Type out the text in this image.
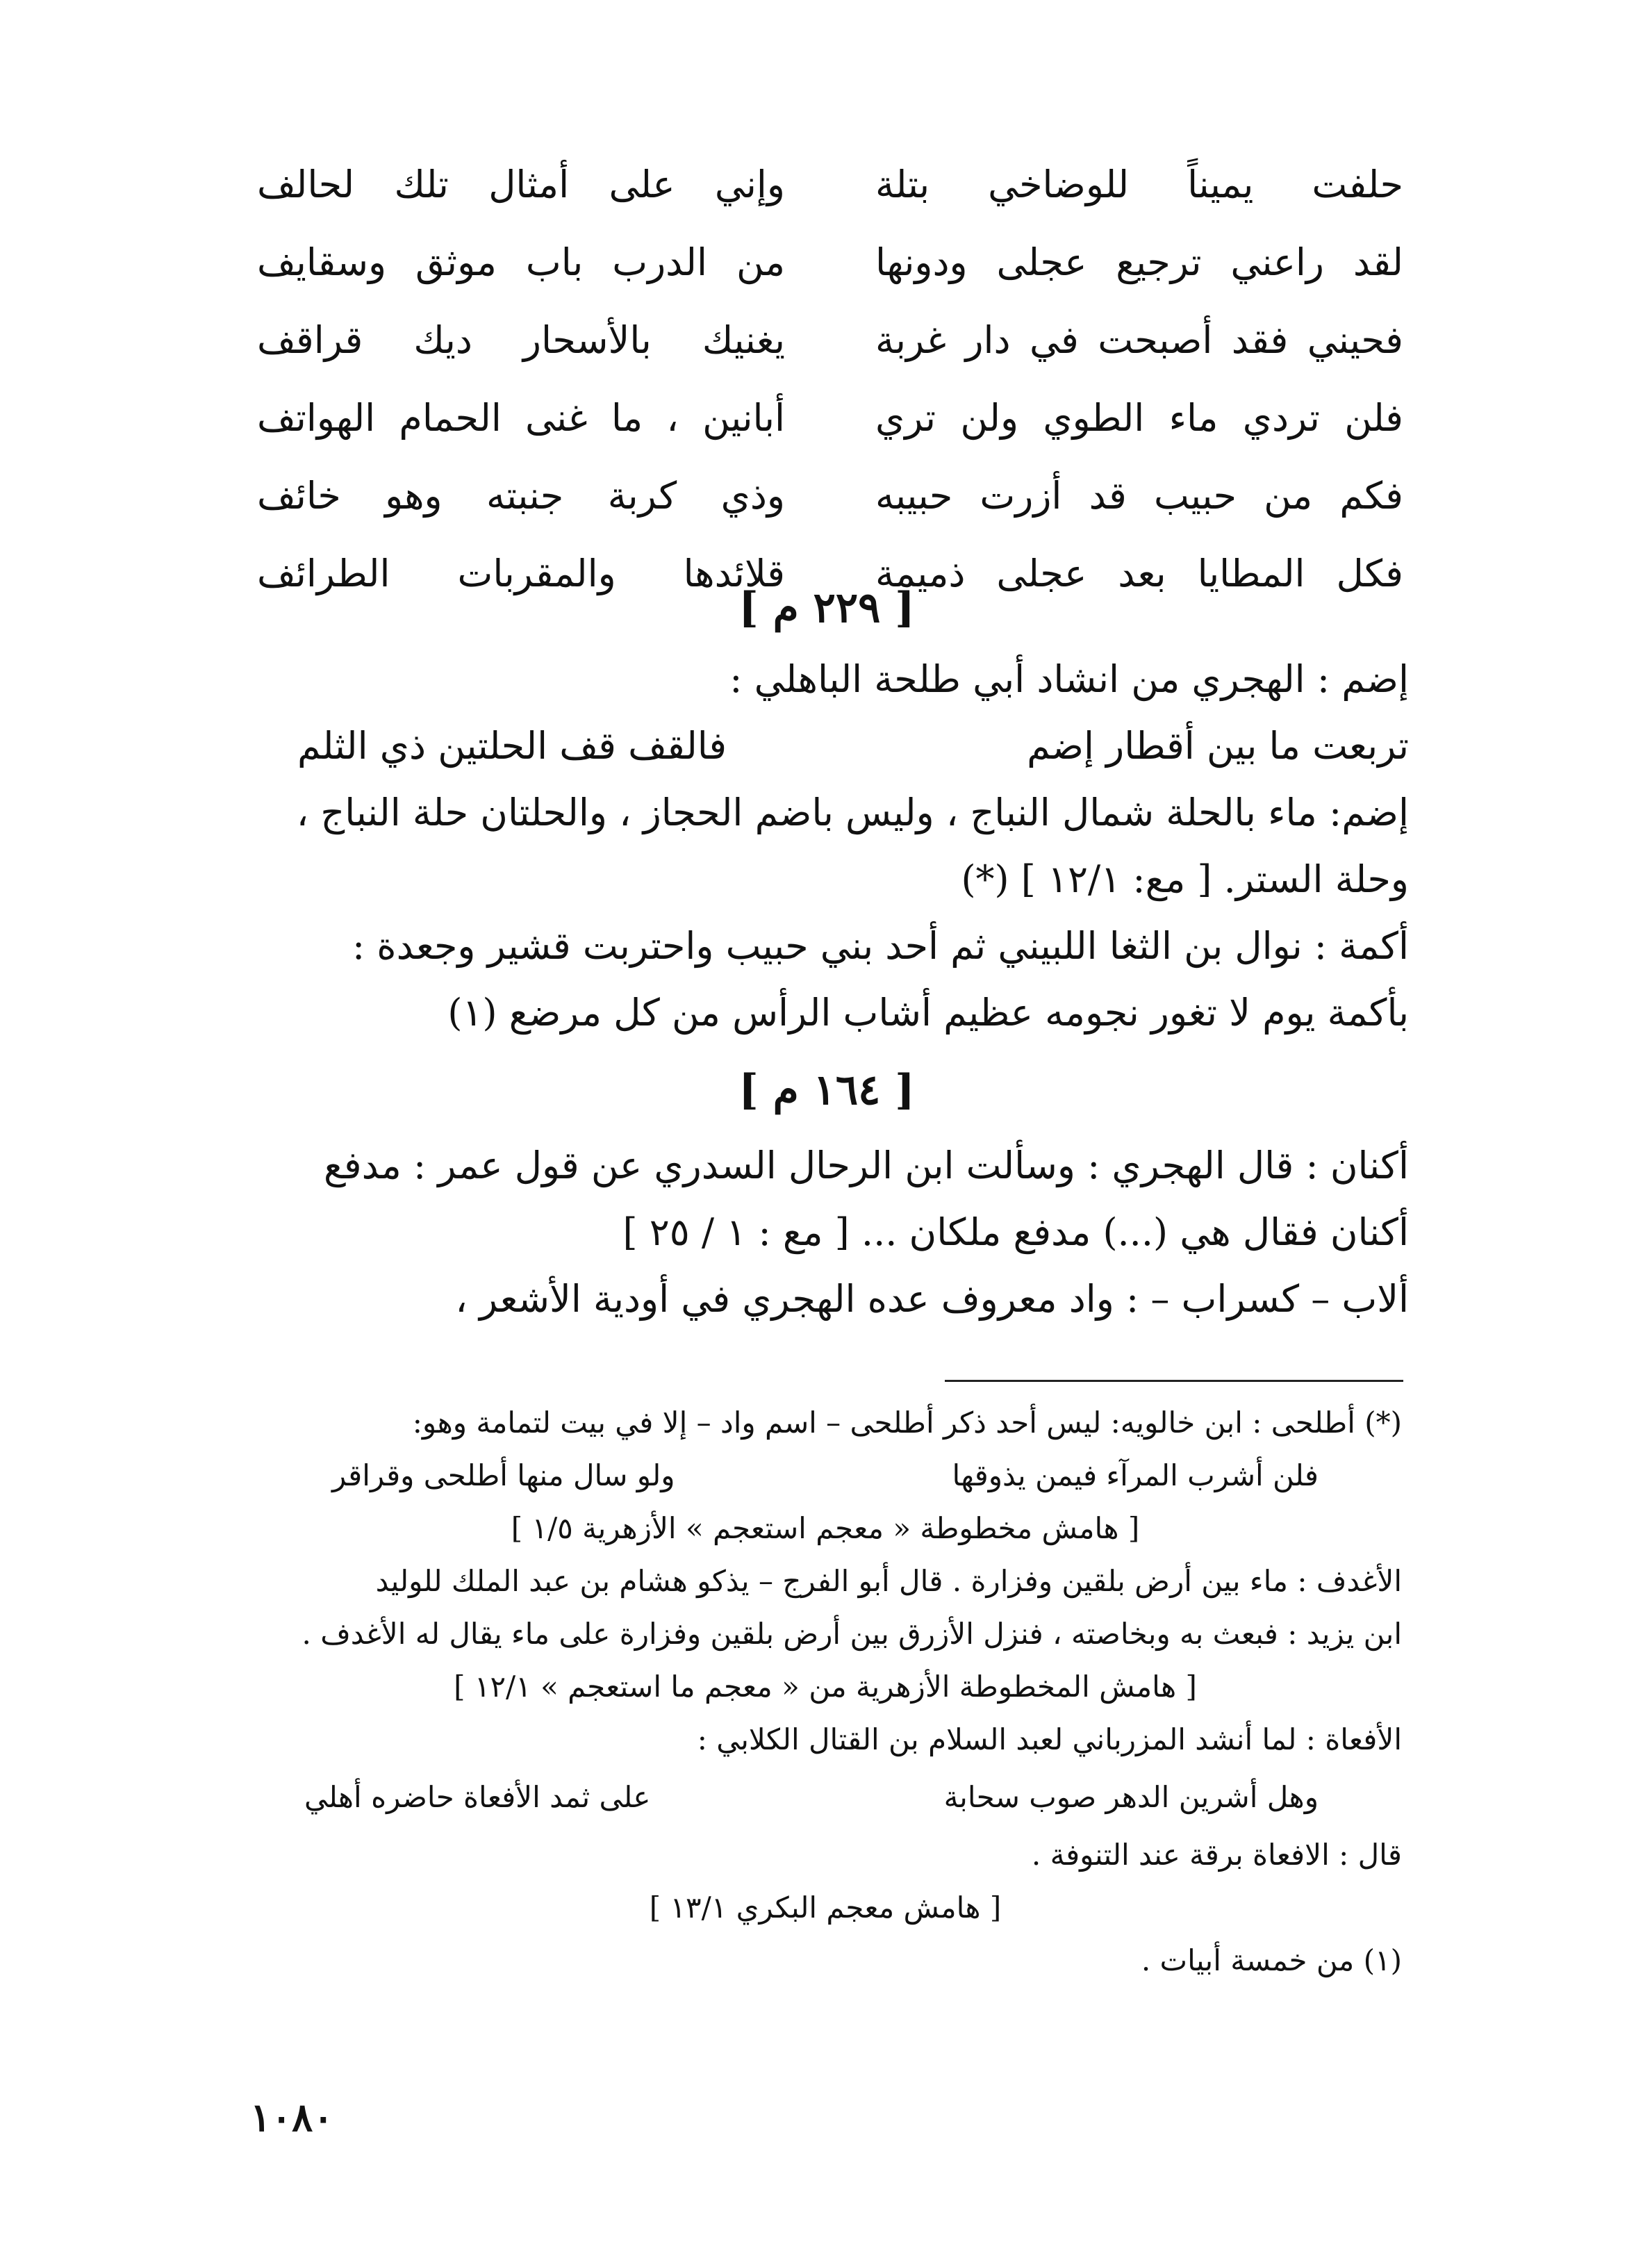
حلفت يميناً للوضاخي بتلة
وإني على أمثال تلك لحالف
لقد راعني ترجيع عجلى ودونها
من الدرب باب موثق وسقايف
فحيني فقد أصبحت في دار غربة
يغنيك بالأسحار ديك قراقف
فلن تردي ماء الطوي ولن تري
أبانين ، ما غنى الحمام الهواتف
فكم من حبيب قد أزرت حبيبه
وذي كربة جنبته وهو خائف
فكل المطايا بعد عجلى ذميمة
قلائدها والمقربات الطرائف
[ ٢٢٩ م ]
إضم : الهجري من انشاد أبي طلحة الباهلي :
تربعت ما بين أقطار إضم
فالقف قف الحلتين ذي الثلم
إضم: ماء بالحلة شمال النباج ، وليس باضم الحجاز ، والحلتان حلة النباج ،
وحلة الستر. [ مع: ١٢/١ ] (*)
أكمة : نوال بن الثغا اللبيني ثم أحد بني حبيب واحتربت قشير وجعدة :
بأكمة يوم لا تغور نجومه عظيم أشاب الرأس من كل مرضع (١)
[ ١٦٤ م ]
أكنان : قال الهجري : وسألت ابن الرحال السدري عن قول عمر : مدفع
أكنان فقال هي (...) مدفع ملكان ... [ مع : ١ / ٢٥ ]
ألاب – كسراب – : واد معروف عده الهجري في أودية الأشعر ،
(*) أطلحى : ابن خالويه: ليس أحد ذكر أطلحى – اسم واد – إلا في بيت لتمامة وهو:
فلن أشرب المرآء فيمن يذوقها
ولو سال منها أطلحى وقراقر
[ هامش مخطوطة « معجم استعجم » الأزهرية ١/٥ ]
الأغدف : ماء بين أرض بلقين وفزارة . قال أبو الفرج – يذكو هشام بن عبد الملك للوليد
ابن يزيد : فبعث به وبخاصته ، فنزل الأزرق بين أرض بلقين وفزارة على ماء يقال له الأغدف .
[ هامش المخطوطة الأزهرية من « معجم ما استعجم » ١٢/١ ]
الأفعاة : لما أنشد المزرباني لعبد السلام بن القتال الكلابي :
وهل أشرين الدهر صوب سحابة
على ثمد الأفعاة حاضره أهلي
قال : الافعاة برقة عند التنوفة .
[ هامش معجم البكري ١٣/١ ]
(١) من خمسة أبيات .
١٠٨٠
